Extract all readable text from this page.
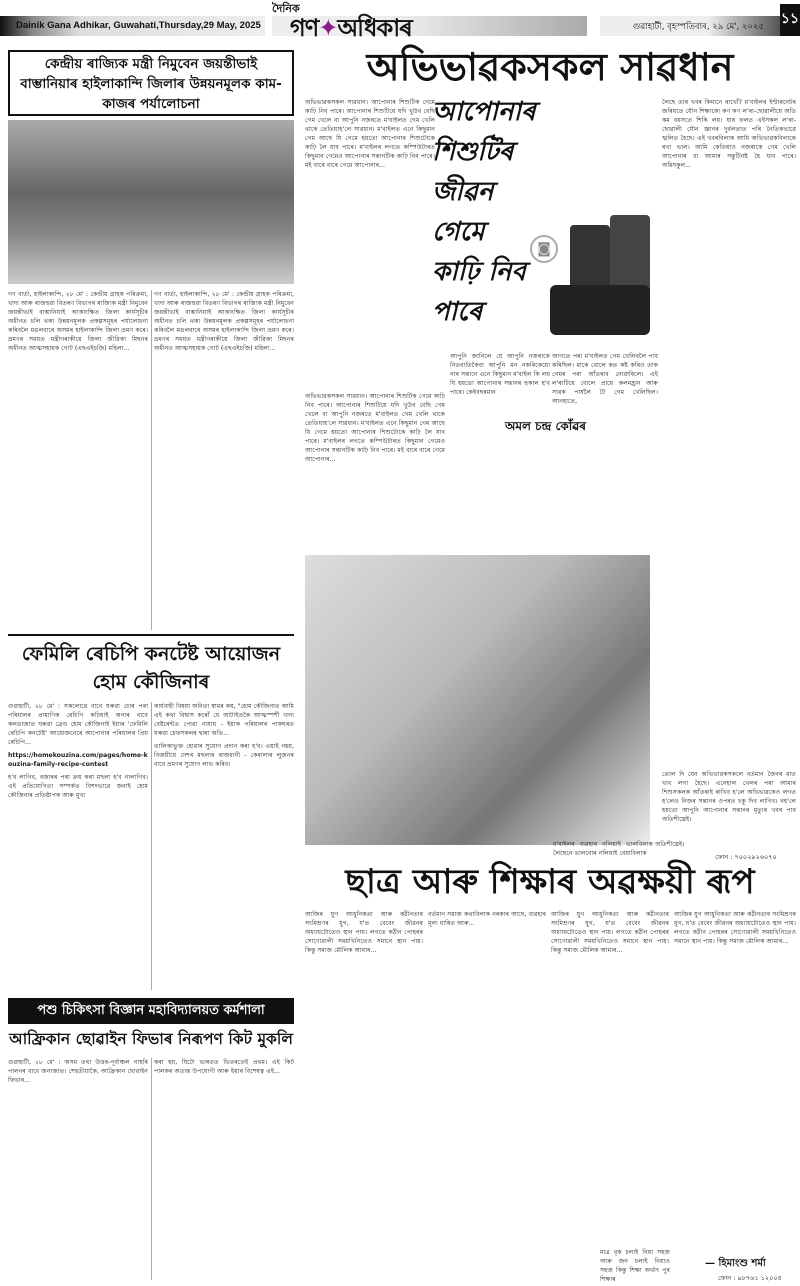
Dainik Gana Adhikar, Guwahati,Thursday,29 May, 2025
দৈনিক
গণ✦অধিকাৰ	গুৱাহাটী, বৃহস্পতিবাৰ, ২৯ মে', ২০২৫ ১১
কেন্দ্ৰীয় ৰাজ্যিক মন্ত্ৰী নিমুবেন জয়ন্তীভাই বাম্ভানিয়াৰ হাইলাকান্দি জিলাৰ উন্নয়নমূলক কাম-কাজৰ পৰ্যালোচনা
গণ বাৰ্তা, হাইলাকান্দি, ২৮ মে' : কেন্দ্ৰীয় গ্ৰাহক পৰিক্ৰমা, খাদ্য আৰু ৰাজহুৱা বিতৰণ বিভাগৰ ৰাজ্যিক মন্ত্ৰী নিমুবেন জয়ন্তীভাই বাম্ভানিয়াই আকাংক্ষিত জিলা কাৰ্যসূচীৰ অধীনত চলি থকা উন্নয়নমূলক প্ৰকল্পসমূহৰ পৰ্যালোচনা কৰিবলৈ মঙলবাৰে অসমৰ হাইলাকান্দি জিলা ভ্ৰমণ কৰে। ভ্ৰমণৰ সময়ত মন্ত্ৰীগৰাকীয়ে জিলা জীৱিকা মিছনৰ অধীনত আত্মসহায়ক গোট (এছএইচজি) মহিলা...
গণ বাৰ্তা, হাইলাকান্দি, ২৮ মে' : কেন্দ্ৰীয় গ্ৰাহক পৰিক্ৰমা, খাদ্য আৰু ৰাজহুৱা বিতৰণ বিভাগৰ ৰাজ্যিক মন্ত্ৰী নিমুবেন জয়ন্তীভাই বাম্ভানিয়াই আকাংক্ষিত জিলা কাৰ্যসূচীৰ অধীনত চলি থকা উন্নয়নমূলক প্ৰকল্পসমূহৰ পৰ্যালোচনা কৰিবলৈ মঙলবাৰে অসমৰ হাইলাকান্দি জিলা ভ্ৰমণ কৰে। ভ্ৰমণৰ সময়ত মন্ত্ৰীগৰাকীয়ে জিলা জীৱিকা মিছনৰ অধীনত আত্মসহায়ক গোট (এছএইচজি) মহিলা...
ফেমিলি ৰেচিপি কনটেষ্ট আয়োজন হোম কৌজিনাৰ
গুৱাহাটী, ২৮ মে' : সকলোৱে বাবে ঘৰুৱা চোৰ পৰা পৰিয়ালৰ প্ৰামাণিক ৰেচিপি কঢ়িয়াই অনাৰ বাবে কলঙাজাত ঘৰুৱা ব্ৰেণ্ড হোম কৌজিনাই ইয়াৰ 'ফেমিলি ৰেচিপি কনটেষ্ট' আয়োজনেৰে আপোনাৰ পৰিয়ালৰ প্ৰিয় ৰেচিপি...
https://homekouzina.com/pages/home-kouzina-family-recipe-contest
হ'ব লাগিব, বজাৰৰ পৰা ক্ৰয় কৰা মছলা হ'ব নালাগিব। এই প্ৰতিযোগিতা সম্পৰ্কত বিশদভাৱে জনাই হোম কৌজিনাৰ প্ৰতিষ্ঠাপক আৰু মুখ্য
কাৰ্যবাহী বিষয়া অনিতা স্বামৰ কয়, "হোম কৌজিনাত আমি এই কথা বিশ্বাস কৰোঁ যে আটাইতকৈ আত্মস্পৰ্শী খাদ্য বেষ্টৰেন্টত পোৱা নাযায় - ইয়াক পৰিয়ালৰ পাকঘৰত ঘৰুৱা চেফসকলৰ দ্বাৰা অতি...
তালিকাভুক্ত হোৱাৰ সুযোগ প্ৰদান কৰা হ'ব। এয়াই নহয়, বিজয়ীয়ে দেশৰ মছলাৰ ৰাজধানী - কেৰালাৰ লুজনৰ বাবে ভ্ৰমণৰ সুযোগ লাভ কৰিব।
পশু চিকিৎসা বিজ্ঞান মহাবিদ্যালয়ত কৰ্মশালা
আফ্ৰিকান ছোৱাইন ফিভাৰ নিৰূপণ কিট মুকলি
গুৱাহাটী, ২৮ মে' : অসম তথা উত্তৰ-পূৰ্বাঞ্চল গাহৰি পালনৰ বাবে জনাজাত। শেহতীয়াকৈ, আফ্ৰিকান ছোৱাইন ফিভাৰ...
কৰা হয়, যিটো ভাৰতত ভিতৰতেই প্ৰথম। এই কিট পালকৰ অত্যন্ত উপযোগী আৰু ইয়াৰ বিশেষত্ব এই...
অভিভাৱকসকল সাৱধান
অভিভাৱকসকল সাৱধান। আপোনাৰ শিশুটিক গেমে কাঢ়ি নিব পাৰে। আপোনাৰ শিশুটিয়ে যদি খুউব বেছি গেম খেলে বা আপুনি নজৰতে ম'বাইলত গেম খেলি থাকে তেতিয়াহ'লে সাৱধান। ম'বাইলত এনে কিছুমান গেম আছে যি গেমে হয়তো আপোনাৰ শিশুটোকে কাঢ়ি লৈ যাব পাৰে। ম'বাইলৰ লগতে কম্পিউটাৰত কিছুমান গেমেও আপোনাৰ সন্তানটিক কাঢ়ি নিব পাৰে। মই বাৰে বাৰে গেমে আপোনাৰ...
আপোনাৰ
শিশুটিৰ
জীৱন
গেমে
কাঢ়ি নিব
পাৰে
◙
লৈছে তাৰ খবৰ কিমানে ৰাখোঁ? ম'বাইলৰ ইণ্টাৰনেটৰ জৰিয়তে যৌন শিক্ষাকো কণ কণ ল'ৰা-ছোৱালীয়ে অতি কম বয়সতে শিকি লয়। যাৰ ফলত এইসকল ল'ৰা-ছোৱালী যৌন জ্ঞানৰ দুৰ্বলতাত পৰি নৈতিকভাৱে স্খলিত হৈছে। এই খবৰবিলাক আমি অভিভাৱকবিলাকে ৰখা ভাল। আমি কেতিয়াও নজৰাকে গেম খেলি আপোনাৰ বা আমাৰ সন্তুটিনষ্ট হৈ যাব পাৰে। অমিযকুল...
আপুনি জানিলে যে আপুনি নজৰাকে নিতবাতিকৈবা আপুনি মন নকৰিকেয়ো নাৰ সন্তানে এনে কিছুমান ম'বাইল কি লয় যি হয়তো আপোনাৰ সন্তানৰ হুকাল হ'ব পাৰে। কেইবছৰমান
আগতে পৰা ম'বাইলত গেম খেলিবলৈ পাব কৰিছিল। মাকে বোলে কত কষ্ট কৰিও তাক গেমৰ পৰা আঁতৰাব নোৱাৰিলে। এই ল'ৰাটিয়ে বোলে প্ৰায়ে কলমহ্ৰান আৰু সাৱক পাৰ্ষলৈ টৈ গেম খেলিছিল। আনহাতে,
অমল চন্দ্ৰ কোঁৱৰ
অভিভাৱকসকল সাৱধান। আপোনাৰ শিশুটিক গেমে কাঢ়ি নিব পাৰে। আপোনাৰ শিশুটিয়ে যদি খুউব বেছি গেম খেলে বা আপুনি নজৰতে ম'বাইলত গেম খেলি থাকে তেতিয়াহ'লে সাৱধান। ম'বাইলত এনে কিছুমান গেম আছে যি গেমে হয়তো আপোনাৰ শিশুটোকে কাঢ়ি লৈ যাব পাৰে। ম'বাইলৰ লগতে কম্পিউটাৰত কিছুমান গেমেও আপোনাৰ সন্তানটিক কাঢ়ি নিব পাৰে। মই বাৰে বাৰে গেমে আপোনাৰ...
ম'বাইলৰ ব্যৱহাৰ নলিয়াই ভালবিলাক লৈছেনে ভালবোৰ নলিয়াই বেয়াবিলাক
অতিশীঘ্ৰেই।
তোল দি যেন অভিভাৱকসকলে বৰ্তমান জৈবৰ মাত খাব লগা হৈছে। এনেহাল খেলৰ পৰা আমাৰ শিশুসকলক আঁতৰাই ৰাখিব হ'লে অভিভাৱকেও লগত হ'লেও নিজৰ সন্তানৰ ওপৰত চকু দিব লাগিব। নহ'লে হয়তো আপুনি আপোনাৰ সন্তানৰ মৃত্যুৰ খবৰ পাব অতিশীঘ্ৰেই।
ফোন : ৭০০২৯২৬০৭০
ছাত্ৰ আৰু শিক্ষাৰ অৱক্ষয়ী ৰূপ
আজিৰ যুগ আধুনিকতা আৰু কঠীনতাৰ সংমিশ্ৰণৰ যুগ, য'ত বেবেং জীৱনৰ অধ্যায়টোতেও স্থান পায়। লগতে কঠীন পোহৰৰ সোণোৱালী সময়খিনিতেও সমানে স্থান পায়। কিন্তু সমাজ মৌলিক আমাৰ...
বৰ্তমান সমাজ কথাবিলাক নৰকাৰ আছে, ব্যৱহাৰ মূল্য ধাৰিত আৰু...
আজিৰ যুগ আধুনিকতা আৰু কঠীনতাৰ সংমিশ্ৰণৰ যুগ, য'ত বেবেং জীৱনৰ অধ্যায়টোতেও স্থান পায়। লগতে কঠীন পোহৰৰ সোণোৱালী সময়খিনিতেও সমানে স্থান পায়। কিন্তু সমাজ মৌলিক আমাৰ...
আজিৰ যুগ আধুনিকতা আৰু কঠীনতাৰ সংমিশ্ৰণৰ যুগ, য'ত বেবেং জীৱনৰ অধ্যায়টোতেও স্থান পায়। লগতে কঠীন পোহৰৰ সোণোৱালী সময়খিনিতেও সমানে স্থান পায়। কিন্তু সমাজ মৌলিক আমাৰ...
মাত্ৰ বৃক চলাই নিয়া সহজ আৰু জন চলাই নিয়াও সহজ কিন্তু শিক্ষা অৰ্থাৎ পুৰ শিক্ষাৰ
— হিমাংশু শৰ্মা
ফোন : ৯৮৭৬১ ১২০০৫
